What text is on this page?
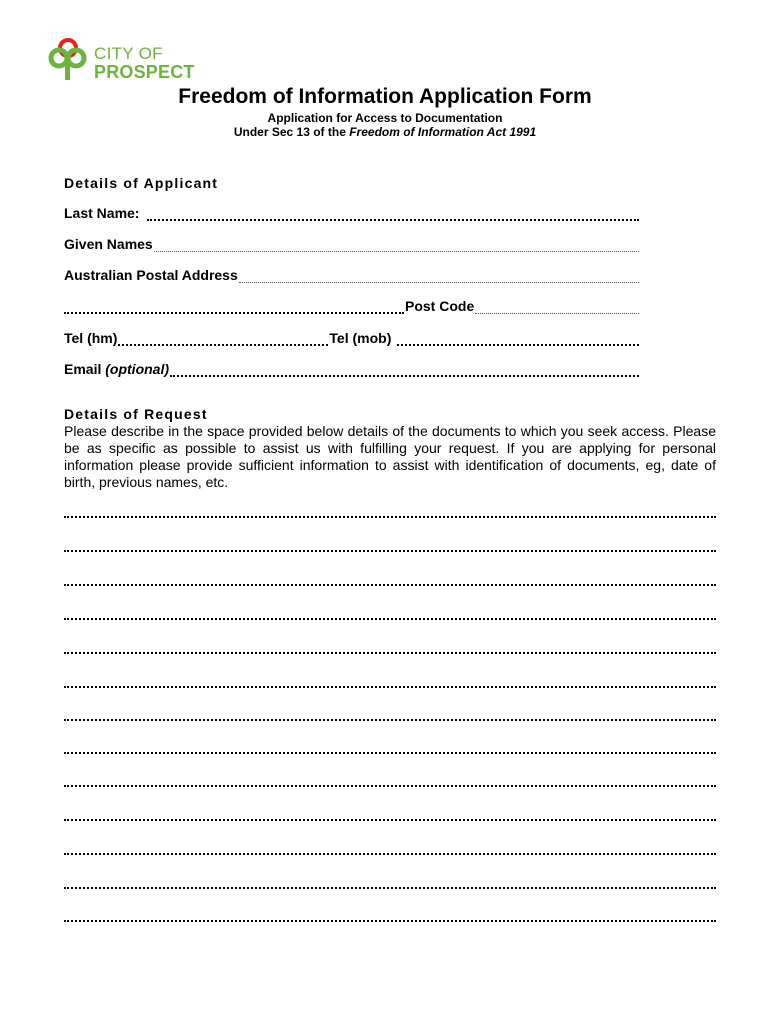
CITY OF
PROSPECT
Freedom of Information Application Form
Application for Access to Documentation
Under Sec 13 of the Freedom of Information Act 1991
Details of Applicant
Last Name:
Given Names
Australian Postal Address
Post Code
Tel (hm)	Tel (mob)
Email (optional)
Details of Request
Please describe in the space provided below details of the documents to which you seek access. Please be as specific as possible to assist us with fulfilling your request. If you are applying for personal information please provide sufficient information to assist with identification of documents, eg, date of birth, previous names, etc.
